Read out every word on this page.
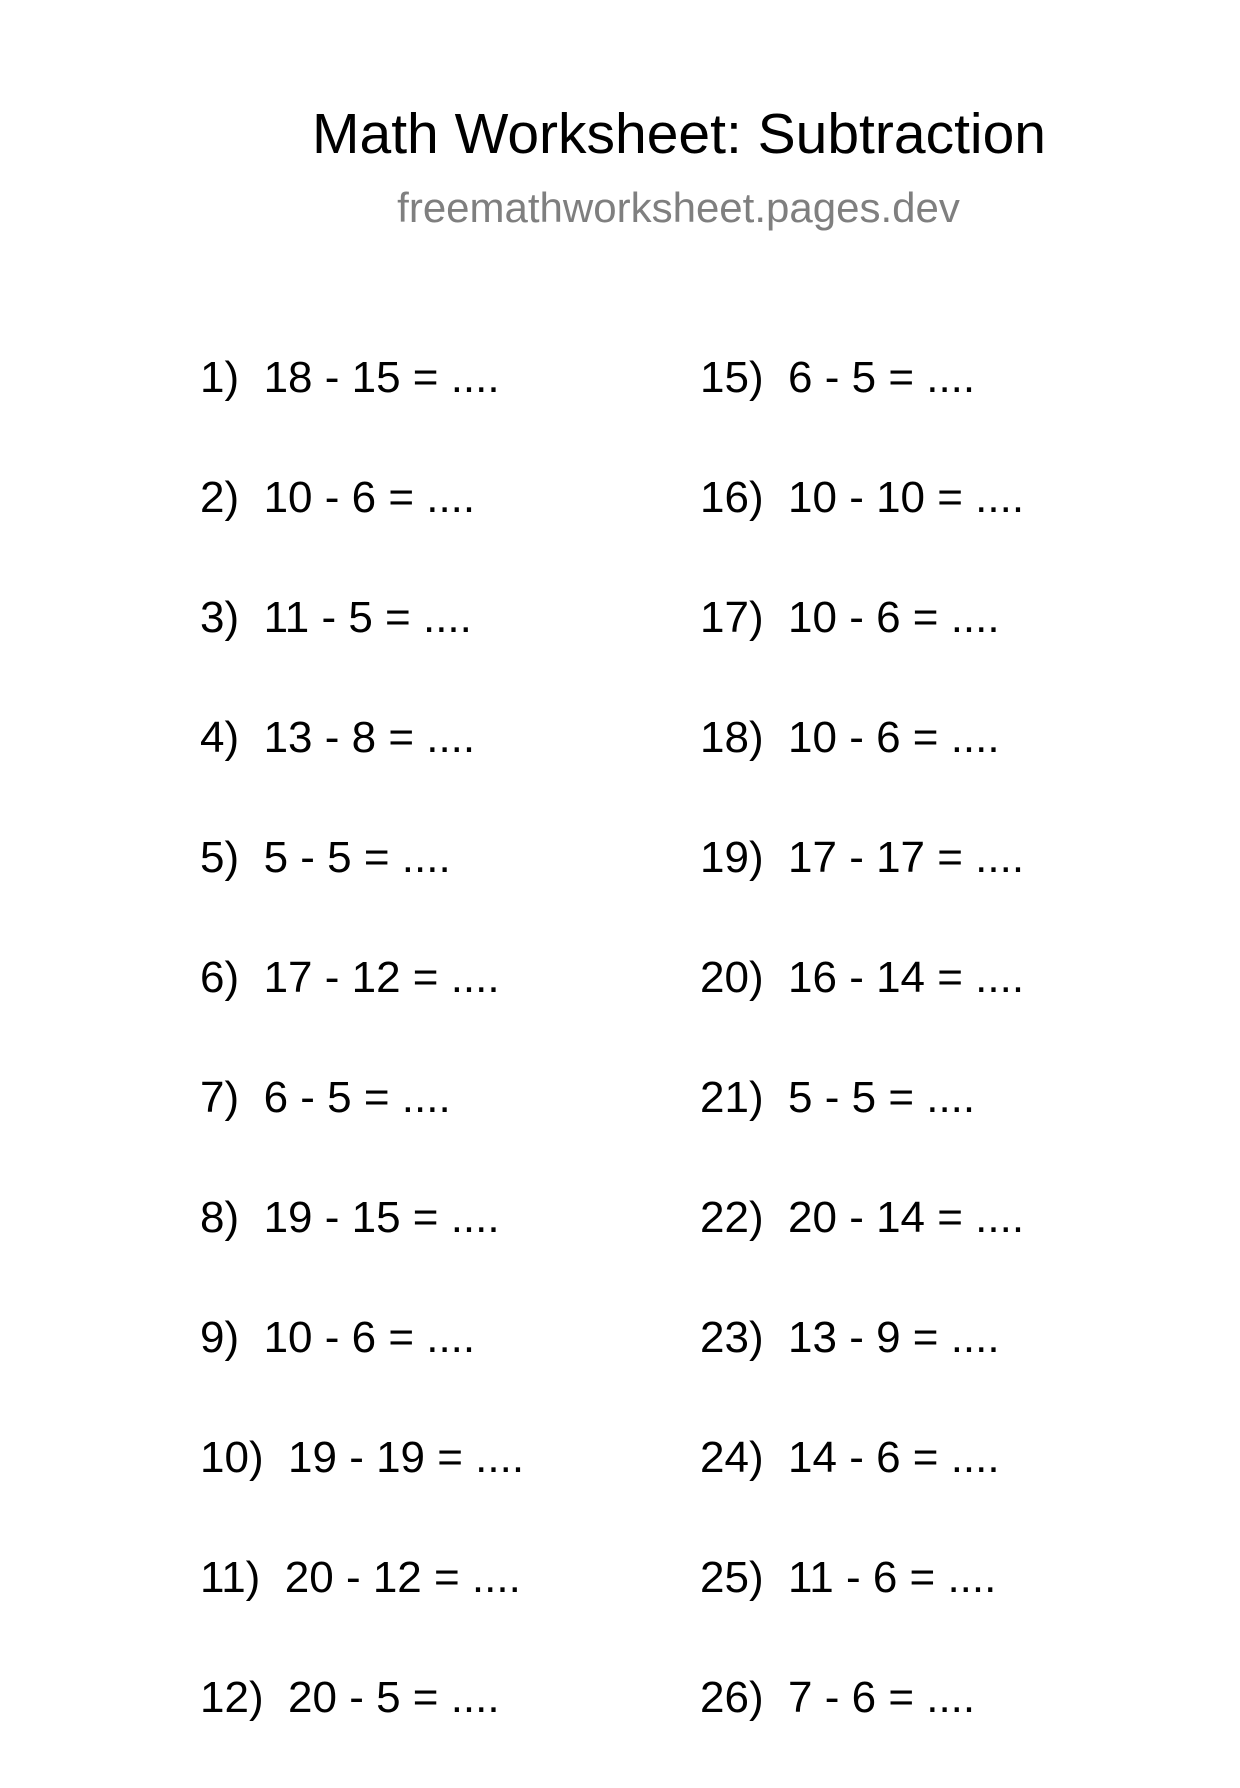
Math Worksheet: Subtraction
freemathworksheet.pages.dev
1) 18 - 15 = ....
2) 10 - 6 = ....
3) 11 - 5 = ....
4) 13 - 8 = ....
5) 5 - 5 = ....
6) 17 - 12 = ....
7) 6 - 5 = ....
8) 19 - 15 = ....
9) 10 - 6 = ....
10) 19 - 19 = ....
11) 20 - 12 = ....
12) 20 - 5 = ....
15) 6 - 5 = ....
16) 10 - 10 = ....
17) 10 - 6 = ....
18) 10 - 6 = ....
19) 17 - 17 = ....
20) 16 - 14 = ....
21) 5 - 5 = ....
22) 20 - 14 = ....
23) 13 - 9 = ....
24) 14 - 6 = ....
25) 11 - 6 = ....
26) 7 - 6 = ....
